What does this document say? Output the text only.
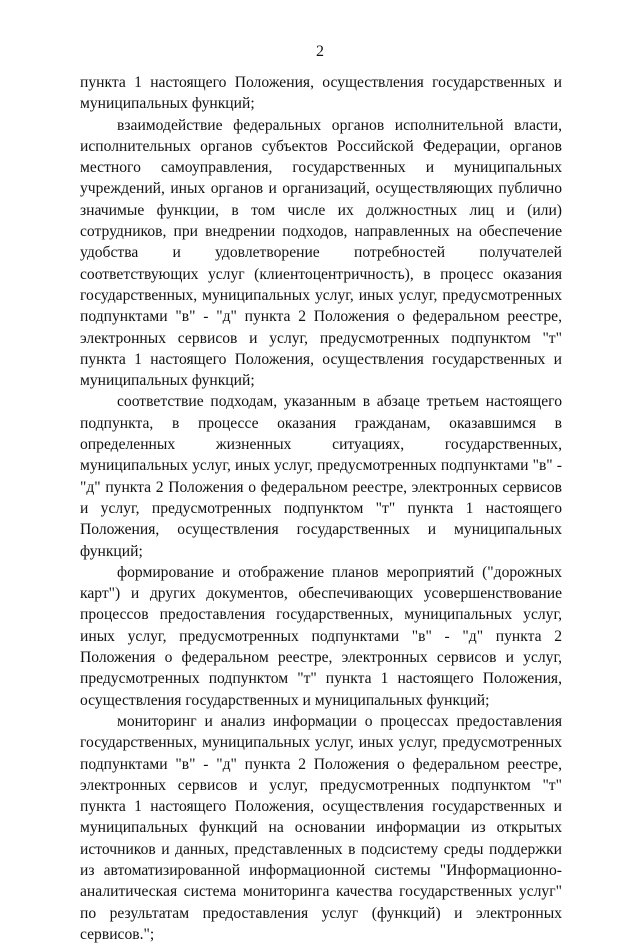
2

пункта 1 настоящего Положения, осуществления государственных и муниципальных функций;

взаимодействие федеральных органов исполнительной власти, исполнительных органов субъектов Российской Федерации, органов местного самоуправления, государственных и муниципальных учреждений, иных органов и организаций, осуществляющих публично значимые функции, в том числе их должностных лиц и (или) сотрудников, при внедрении подходов, направленных на обеспечение удобства и удовлетворение потребностей получателей соответствующих услуг (клиентоцентричность), в процесс оказания государственных, муниципальных услуг, иных услуг, предусмотренных подпунктами "в" - "д" пункта 2 Положения о федеральном реестре, электронных сервисов и услуг, предусмотренных подпунктом "т" пункта 1 настоящего Положения, осуществления государственных и муниципальных функций;

соответствие подходам, указанным в абзаце третьем настоящего подпункта, в процессе оказания гражданам, оказавшимся в определенных жизненных ситуациях, государственных, муниципальных услуг, иных услуг, предусмотренных подпунктами "в" - "д" пункта 2 Положения о федеральном реестре, электронных сервисов и услуг, предусмотренных подпунктом "т" пункта 1 настоящего Положения, осуществления государственных и муниципальных функций;

формирование и отображение планов мероприятий ("дорожных карт") и других документов, обеспечивающих усовершенствование процессов предоставления государственных, муниципальных услуг, иных услуг, предусмотренных подпунктами "в" - "д" пункта 2 Положения о федеральном реестре, электронных сервисов и услуг, предусмотренных подпунктом "т" пункта 1 настоящего Положения, осуществления государственных и муниципальных функций;

мониторинг и анализ информации о процессах предоставления государственных, муниципальных услуг, иных услуг, предусмотренных подпунктами "в" - "д" пункта 2 Положения о федеральном реестре, электронных сервисов и услуг, предусмотренных подпунктом "т" пункта 1 настоящего Положения, осуществления государственных и муниципальных функций на основании информации из открытых источников и данных, представленных в подсистему среды поддержки из автоматизированной информационной системы "Информационно-аналитическая система мониторинга качества государственных услуг" по результатам предоставления услуг (функций) и электронных сервисов.";
